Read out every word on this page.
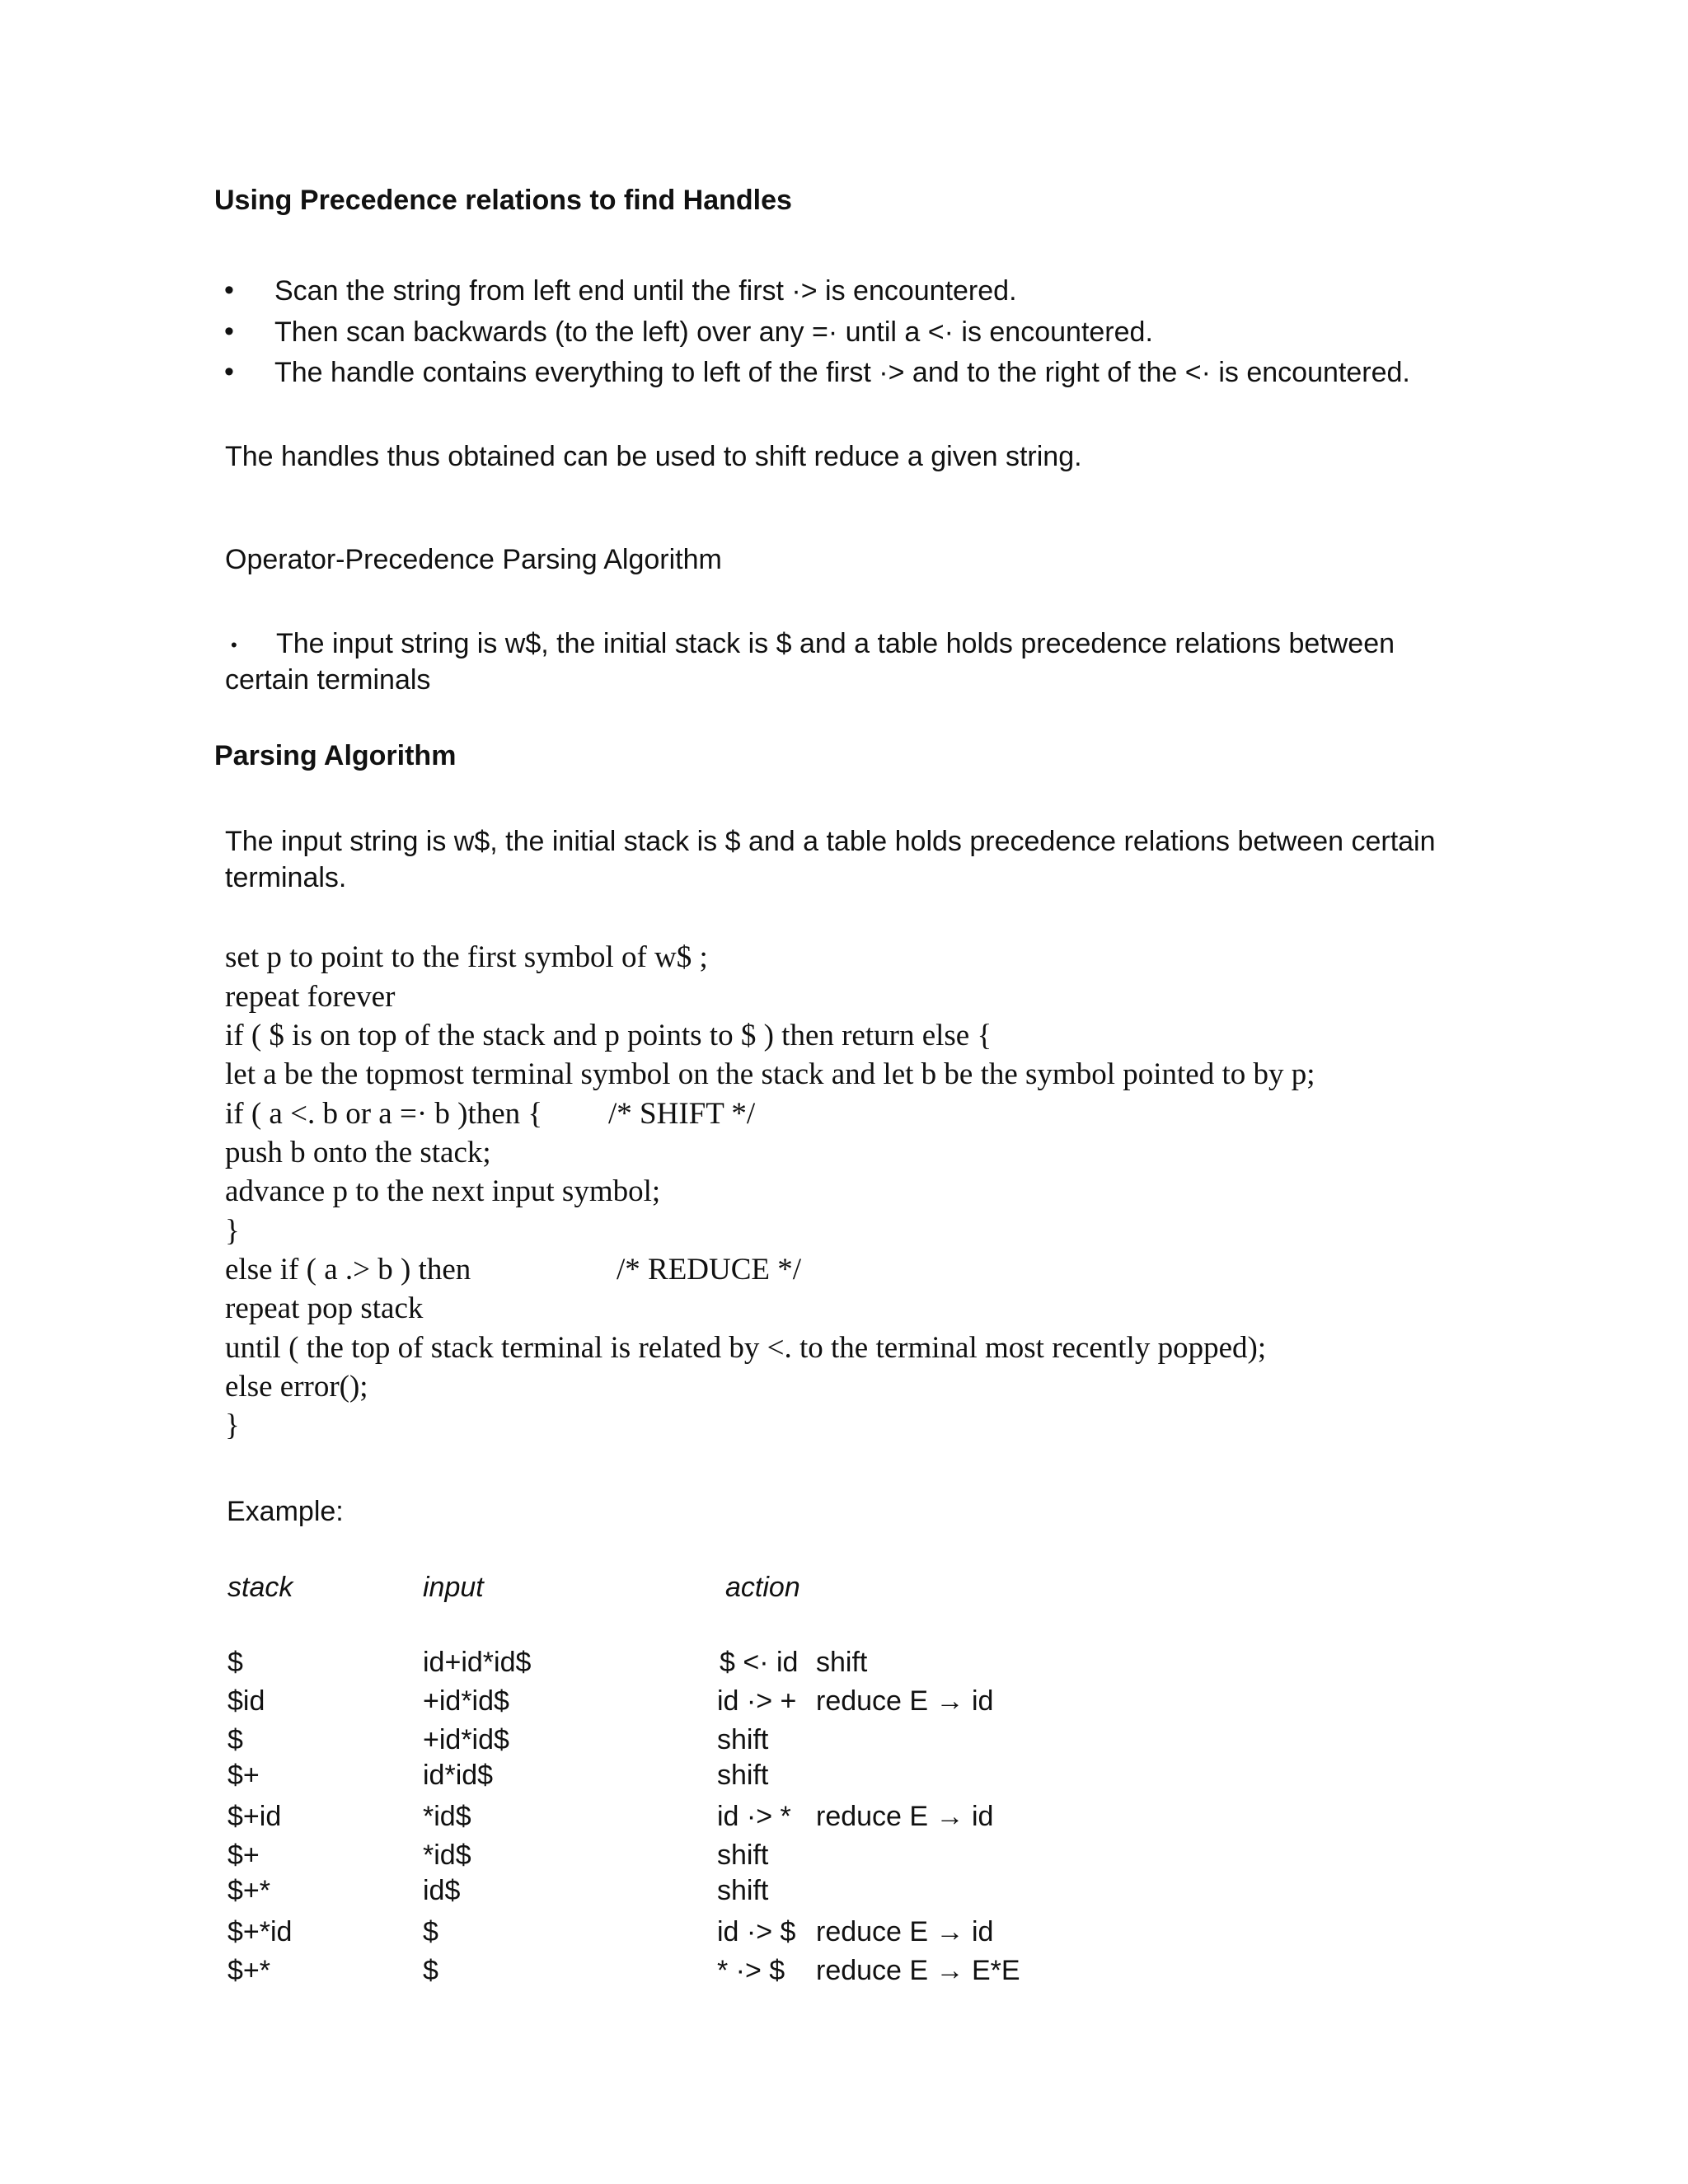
Using Precedence relations to find Handles
• Scan the string from left end until the first ·> is encountered.
• Then scan backwards (to the left) over any =· until a <· is encountered.
• The handle contains everything to left of the first ·> and to the right of the <· is encountered.
The handles thus obtained can be used to shift reduce a given string.
Operator-Precedence Parsing Algorithm
• The input string is w$, the initial stack is $ and a table holds precedence relations between
certain terminals
Parsing Algorithm
The input string is w$, the initial stack is $ and a table holds precedence relations between certain
terminals.
set p to point to the first symbol of w$ ;
repeat forever
if ( $ is on top of the stack and p points to $ ) then return else {
let a be the topmost terminal symbol on the stack and let b be the symbol pointed to by p;
if ( a <. b or a =· b )then { /* SHIFT */
push b onto the stack;
advance p to the next input symbol;
}
else if ( a .> b ) then	/* REDUCE */
repeat pop stack
until ( the top of stack terminal is related by <. to the terminal most recently popped);
else error();
}
Example:
stack	input	action
$	id+id*id$	$ <· id shift
$id	+id*id$	id ·> + reduce E → id
$	+id*id$	shift
$+	id*id$	shift
$+id	*id$	id ·> * reduce E → id
$+	*id$	shift
$+*	id$	shift
$+*id	$	id ·> $ reduce E → id
$+*	$	* ·> $ reduce E → E*E
